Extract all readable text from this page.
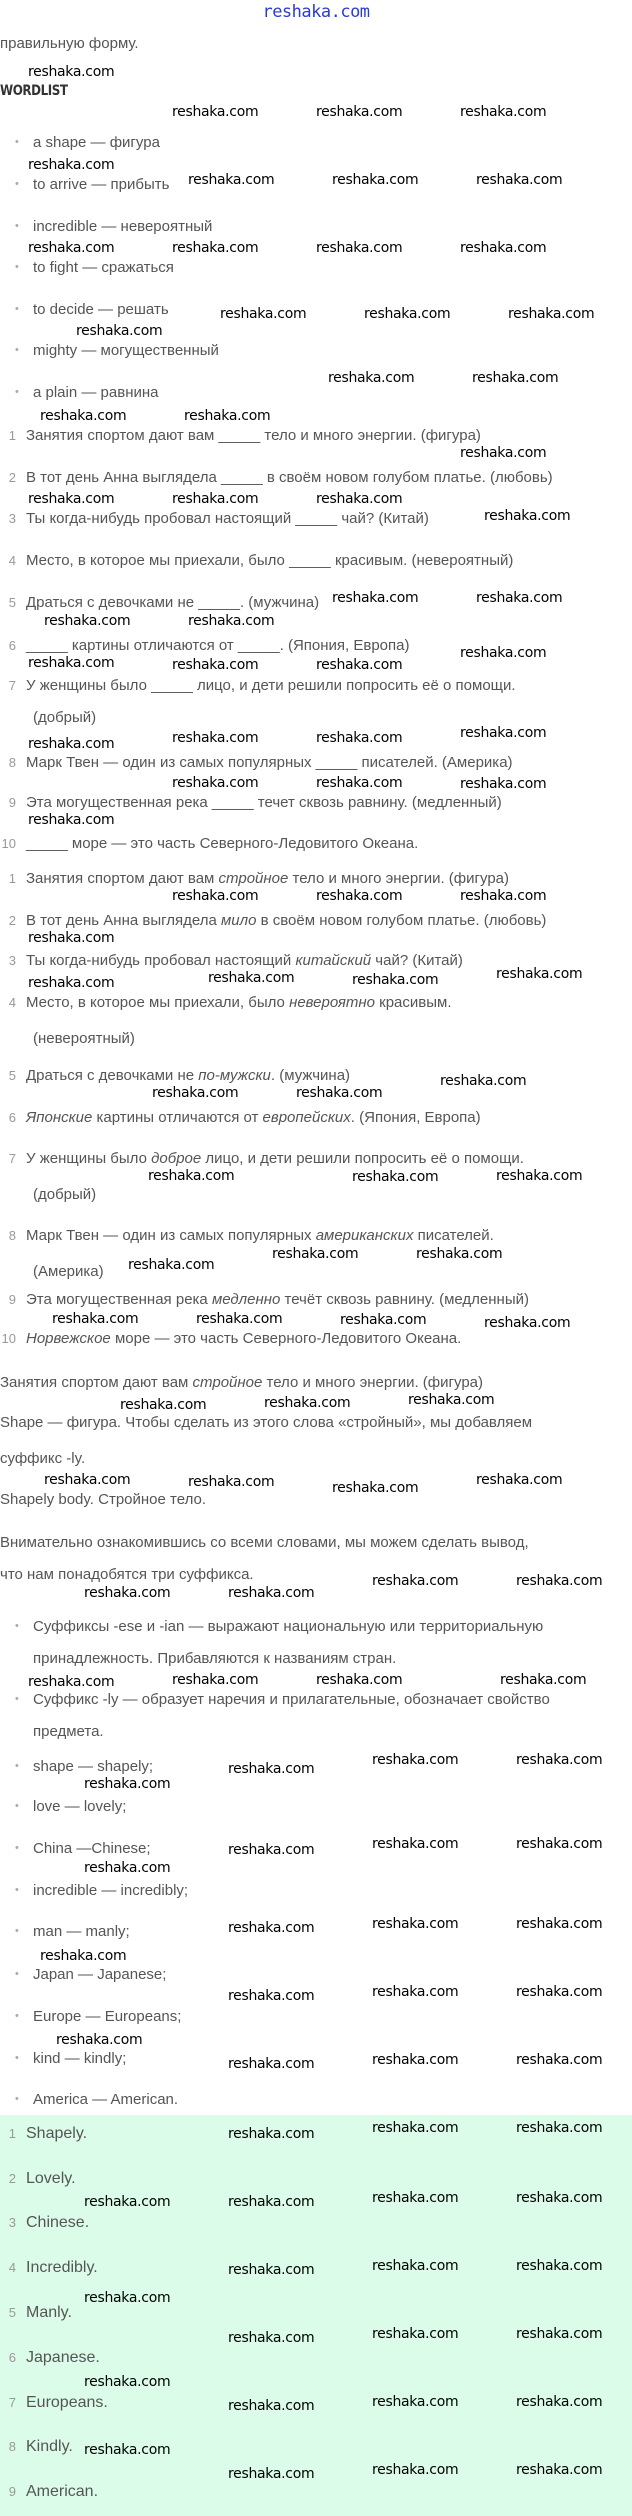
reshaka.com
правильную форму.
WORDLIST
• a shape — фигура
• to arrive — прибыть
• incredible — невероятный
• to fight — сражаться
• to decide — решать
• mighty — могущественный
• a plain — равнина
1 Занятия спортом дают вам _____ тело и много энергии. (фигура)
2 В тот день Анна выглядела _____ в своём новом голубом платье. (любовь)
3 Ты когда-нибудь пробовал настоящий _____ чай? (Китай)
4 Место, в которое мы приехали, было _____ красивым. (невероятный)
5 Драться с девочками не _____. (мужчина)
6 _____ картины отличаются от _____. (Япония, Европа)
7 У женщины было _____ лицо, и дети решили попросить её о помощи.
(добрый)
8 Марк Твен — один из самых популярных _____ писателей. (Америка)
9 Эта могущественная река _____ течет сквозь равнину. (медленный)
10 _____ море — это часть Северного-Ледовитого Океана.
1 Занятия спортом дают вам стройное тело и много энергии. (фигура)
2 В тот день Анна выглядела мило в своём новом голубом платье. (любовь)
3 Ты когда-нибудь пробовал настоящий китайский чай? (Китай)
4 Место, в которое мы приехали, было невероятно красивым.
(невероятный)
5 Драться с девочками не по-мужски. (мужчина)
6 Японские картины отличаются от европейских. (Япония, Европа)
7 У женщины было доброе лицо, и дети решили попросить её о помощи.
(добрый)
8 Марк Твен — один из самых популярных американских писателей.
(Америка)
9 Эта могущественная река медленно течёт сквозь равнину. (медленный)
10 Норвежское море — это часть Северного-Ледовитого Океана.
Занятия спортом дают вам стройное тело и много энергии. (фигура)
Shape — фигура. Чтобы сделать из этого слова «стройный», мы добавляем
суффикс -ly.
Shapely body. Стройное тело.
Внимательно ознакомившись со всеми словами, мы можем сделать вывод,
что нам понадобятся три суффикса.
• Суффиксы -ese и -ian — выражают национальную или территориальную
принадлежность. Прибавляются к названиям стран.
• Суффикс -ly — образует наречия и прилагательные, обозначает свойство
предмета.
• shape — shapely;
• love — lovely;
• China —Chinese;
• incredible — incredibly;
• man — manly;
• Japan — Japanese;
• Europe — Europeans;
• kind — kindly;
• America — American.
1 Shapely.
2 Lovely.
3 Chinese.
4 Incredibly.
5 Manly.
6 Japanese.
7 Europeans.
8 Kindly.
9 American.
reshaka.com
reshaka.com	reshaka.com	reshaka.com
reshaka.com
reshaka.com	reshaka.com	reshaka.com
reshaka.com	reshaka.com	reshaka.com	reshaka.com
reshaka.com	reshaka.com	reshaka.com
reshaka.com
reshaka.com	reshaka.com
reshaka.com	reshaka.com
reshaka.com
reshaka.com	reshaka.com	reshaka.com
reshaka.com
reshaka.com	reshaka.com
reshaka.com	reshaka.com
reshaka.com	reshaka.com
reshaka.com
reshaka.com
reshaka.com	reshaka.com	reshaka.com
reshaka.com
reshaka.com
reshaka.com	reshaka.com	reshaka.com
reshaka.com	reshaka.com	reshaka.com
reshaka.com
reshaka.com	reshaka.com	reshaka.com
reshaka.com
reshaka.com	reshaka.com
reshaka.com
reshaka.com	reshaka.com	reshaka.com
reshaka.com
reshaka.com
reshaka.com
reshaka.com	reshaka.com	reshaka.com	reshaka.com
reshaka.com	reshaka.com	reshaka.com
reshaka.com	reshaka.com	reshaka.com	reshaka.com
reshaka.com	reshaka.com
reshaka.com	reshaka.com
reshaka.com	reshaka.com	reshaka.com	reshaka.com
reshaka.com
reshaka.com
reshaka.com	reshaka.com
reshaka.com
reshaka.com	reshaka.com	reshaka.com
reshaka.com	reshaka.com	reshaka.com
reshaka.com
reshaka.com	reshaka.com	reshaka.com
reshaka.com
reshaka.com	reshaka.com	reshaka.com
reshaka.com	reshaka.com	reshaka.com
reshaka.com	reshaka.com	reshaka.com	reshaka.com
reshaka.com	reshaka.com	reshaka.com
reshaka.com
reshaka.com	reshaka.com	reshaka.com
reshaka.com
reshaka.com	reshaka.com	reshaka.com
reshaka.com
reshaka.com	reshaka.com	reshaka.com
